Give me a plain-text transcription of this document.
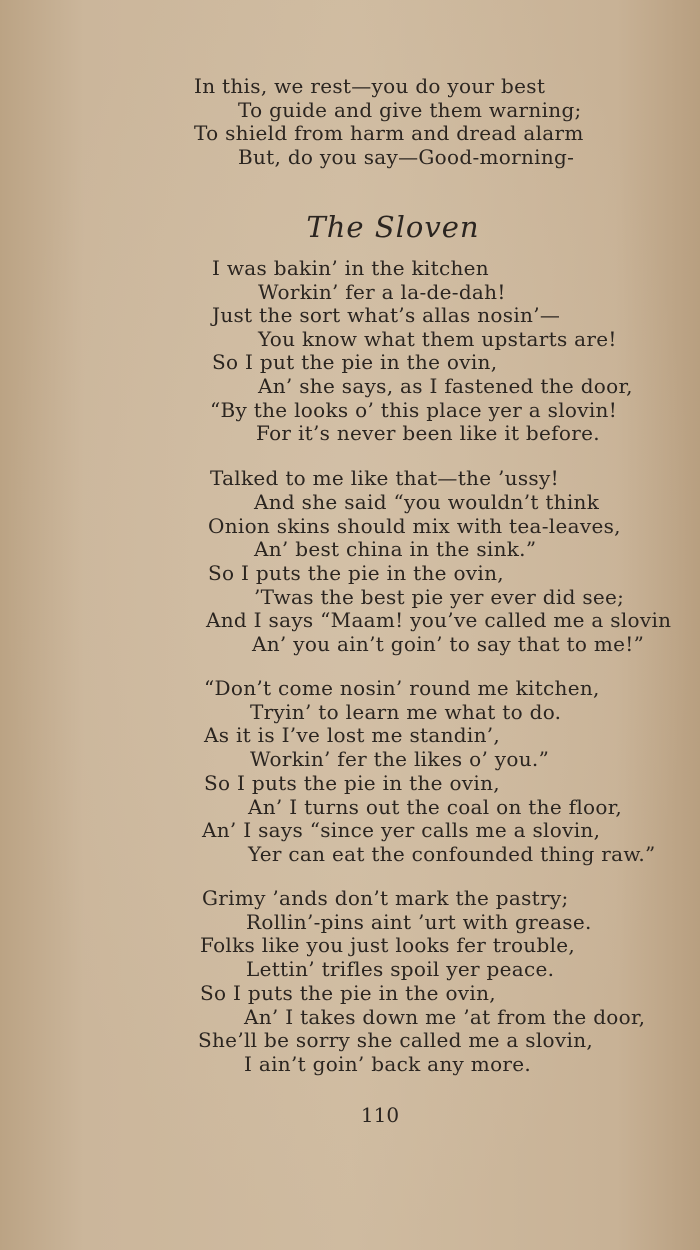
In this, we rest—you do your best
To guide and give them warning;
To shield from harm and dread alarm
But, do you say—Good-morning-
The Sloven
I was bakin’ in the kitchen
Workin’ fer a la-de-dah!
Just the sort what’s allas nosin’—
You know what them upstarts are!
So I put the pie in the ovin,
An’ she says, as I fastened the door,
“By the looks o’ this place yer a slovin!
For it’s never been like it before.
Talked to me like that—the ’ussy!
And she said “you wouldn’t think
Onion skins should mix with tea-leaves,
An’ best china in the sink.”
So I puts the pie in the ovin,
’Twas the best pie yer ever did see;
And I says “Maam! you’ve called me a slovin
An’ you ain’t goin’ to say that to me!”
“Don’t come nosin’ round me kitchen,
Tryin’ to learn me what to do.
As it is I’ve lost me standin’,
Workin’ fer the likes o’ you.”
So I puts the pie in the ovin,
An’ I turns out the coal on the floor,
An’ I says “since yer calls me a slovin,
Yer can eat the confounded thing raw.”
Grimy ’ands don’t mark the pastry;
Rollin’-pins aint ’urt with grease.
Folks like you just looks fer trouble,
Lettin’ trifles spoil yer peace.
So I puts the pie in the ovin,
An’ I takes down me ’at from the door,
She’ll be sorry she called me a slovin,
I ain’t goin’ back any more.
110
